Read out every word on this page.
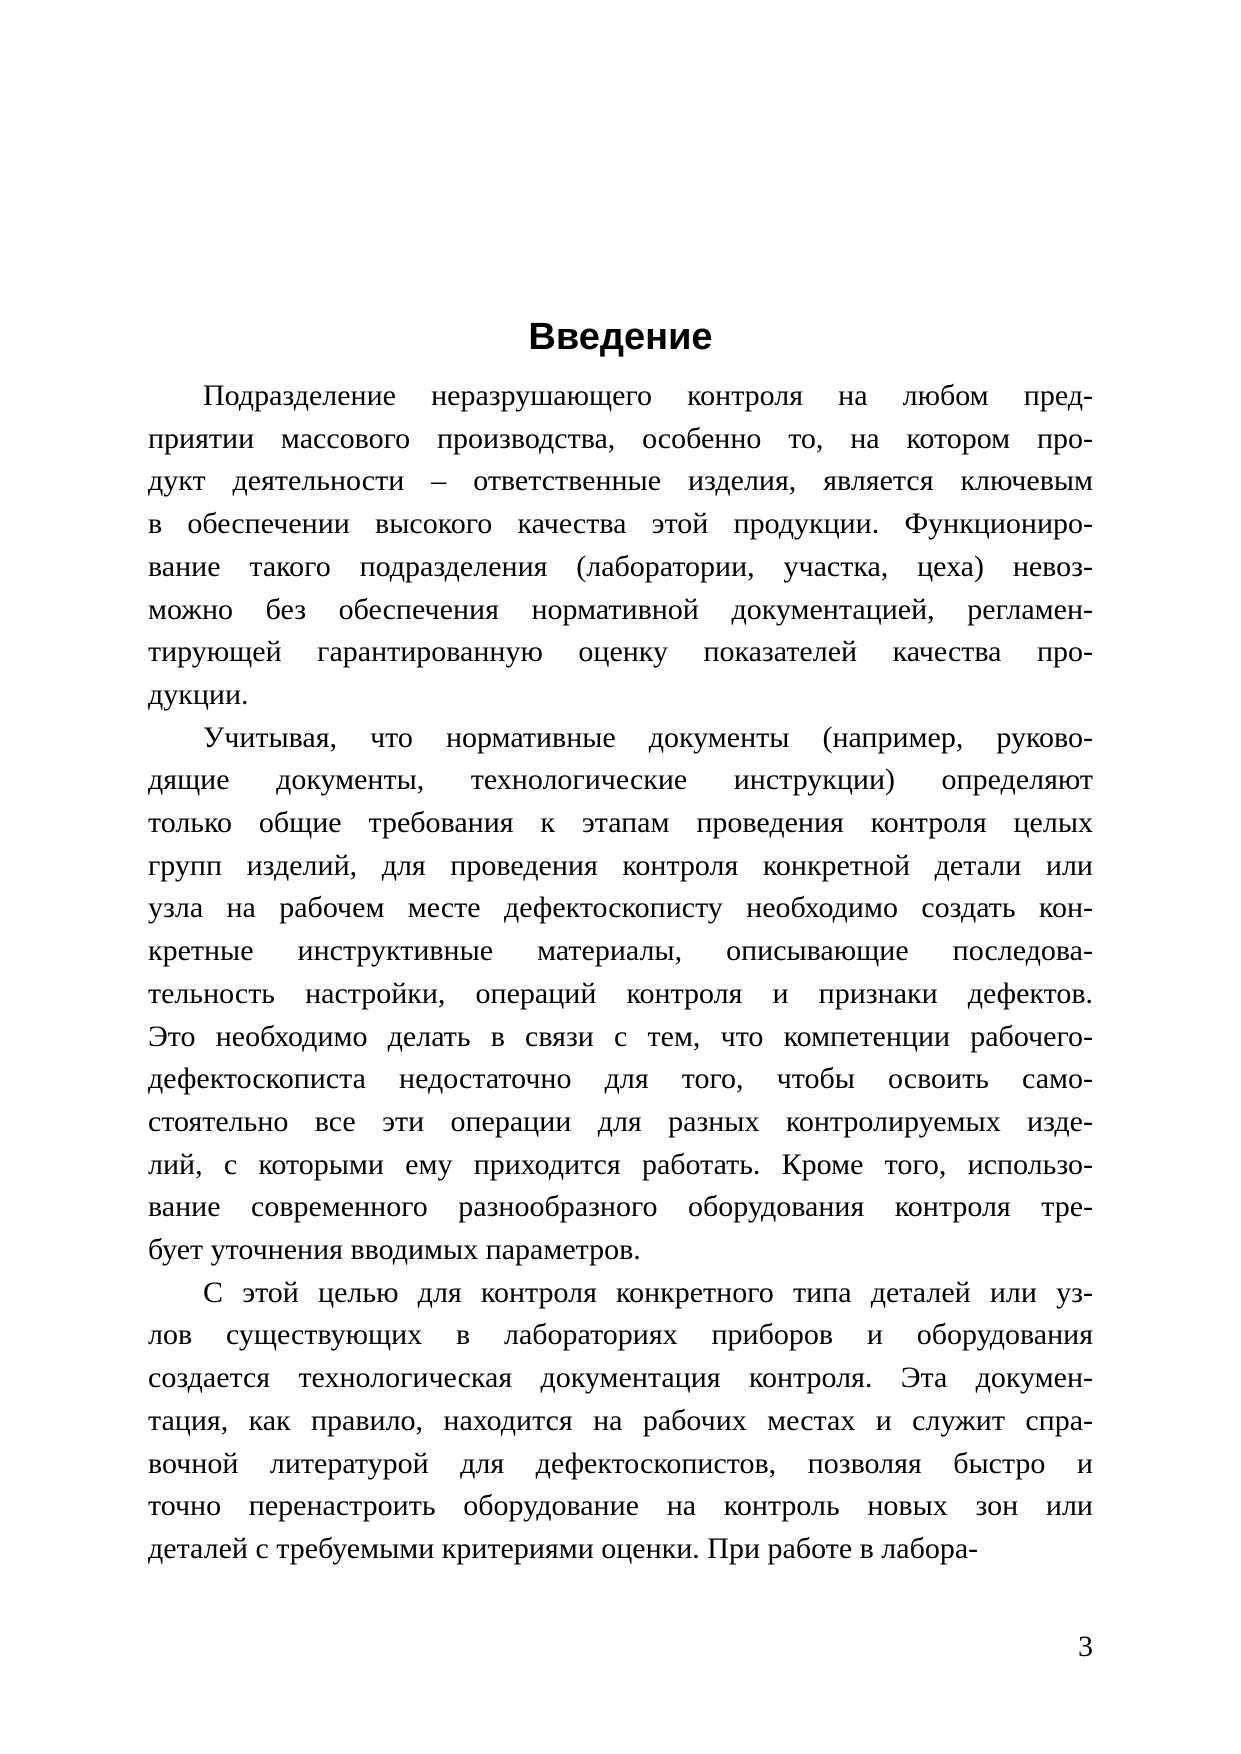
Введение
Подразделение неразрушающего контроля на любом пред-
приятии массового производства, особенно то, на котором про-
дукт деятельности – ответственные изделия, является ключевым
в обеспечении высокого качества этой продукции. Функциониро-
вание такого подразделения (лаборатории, участка, цеха) невоз-
можно без обеспечения нормативной документацией, регламен-
тирующей гарантированную оценку показателей качества про-
дукции.
Учитывая, что нормативные документы (например, руково-
дящие документы, технологические инструкции) определяют
только общие требования к этапам проведения контроля целых
групп изделий, для проведения контроля конкретной детали или
узла на рабочем месте дефектоскописту необходимо создать кон-
кретные инструктивные материалы, описывающие последова-
тельность настройки, операций контроля и признаки дефектов.
Это необходимо делать в связи с тем, что компетенции рабочего-
дефектоскописта недостаточно для того, чтобы освоить само-
стоятельно все эти операции для разных контролируемых изде-
лий, с которыми ему приходится работать. Кроме того, использо-
вание современного разнообразного оборудования контроля тре-
бует уточнения вводимых параметров.
С этой целью для контроля конкретного типа деталей или уз-
лов существующих в лабораториях приборов и оборудования
создается технологическая документация контроля. Эта докумен-
тация, как правило, находится на рабочих местах и служит спра-
вочной литературой для дефектоскопистов, позволяя быстро и
точно перенастроить оборудование на контроль новых зон или
деталей с требуемыми критериями оценки. При работе в лабора-
3
